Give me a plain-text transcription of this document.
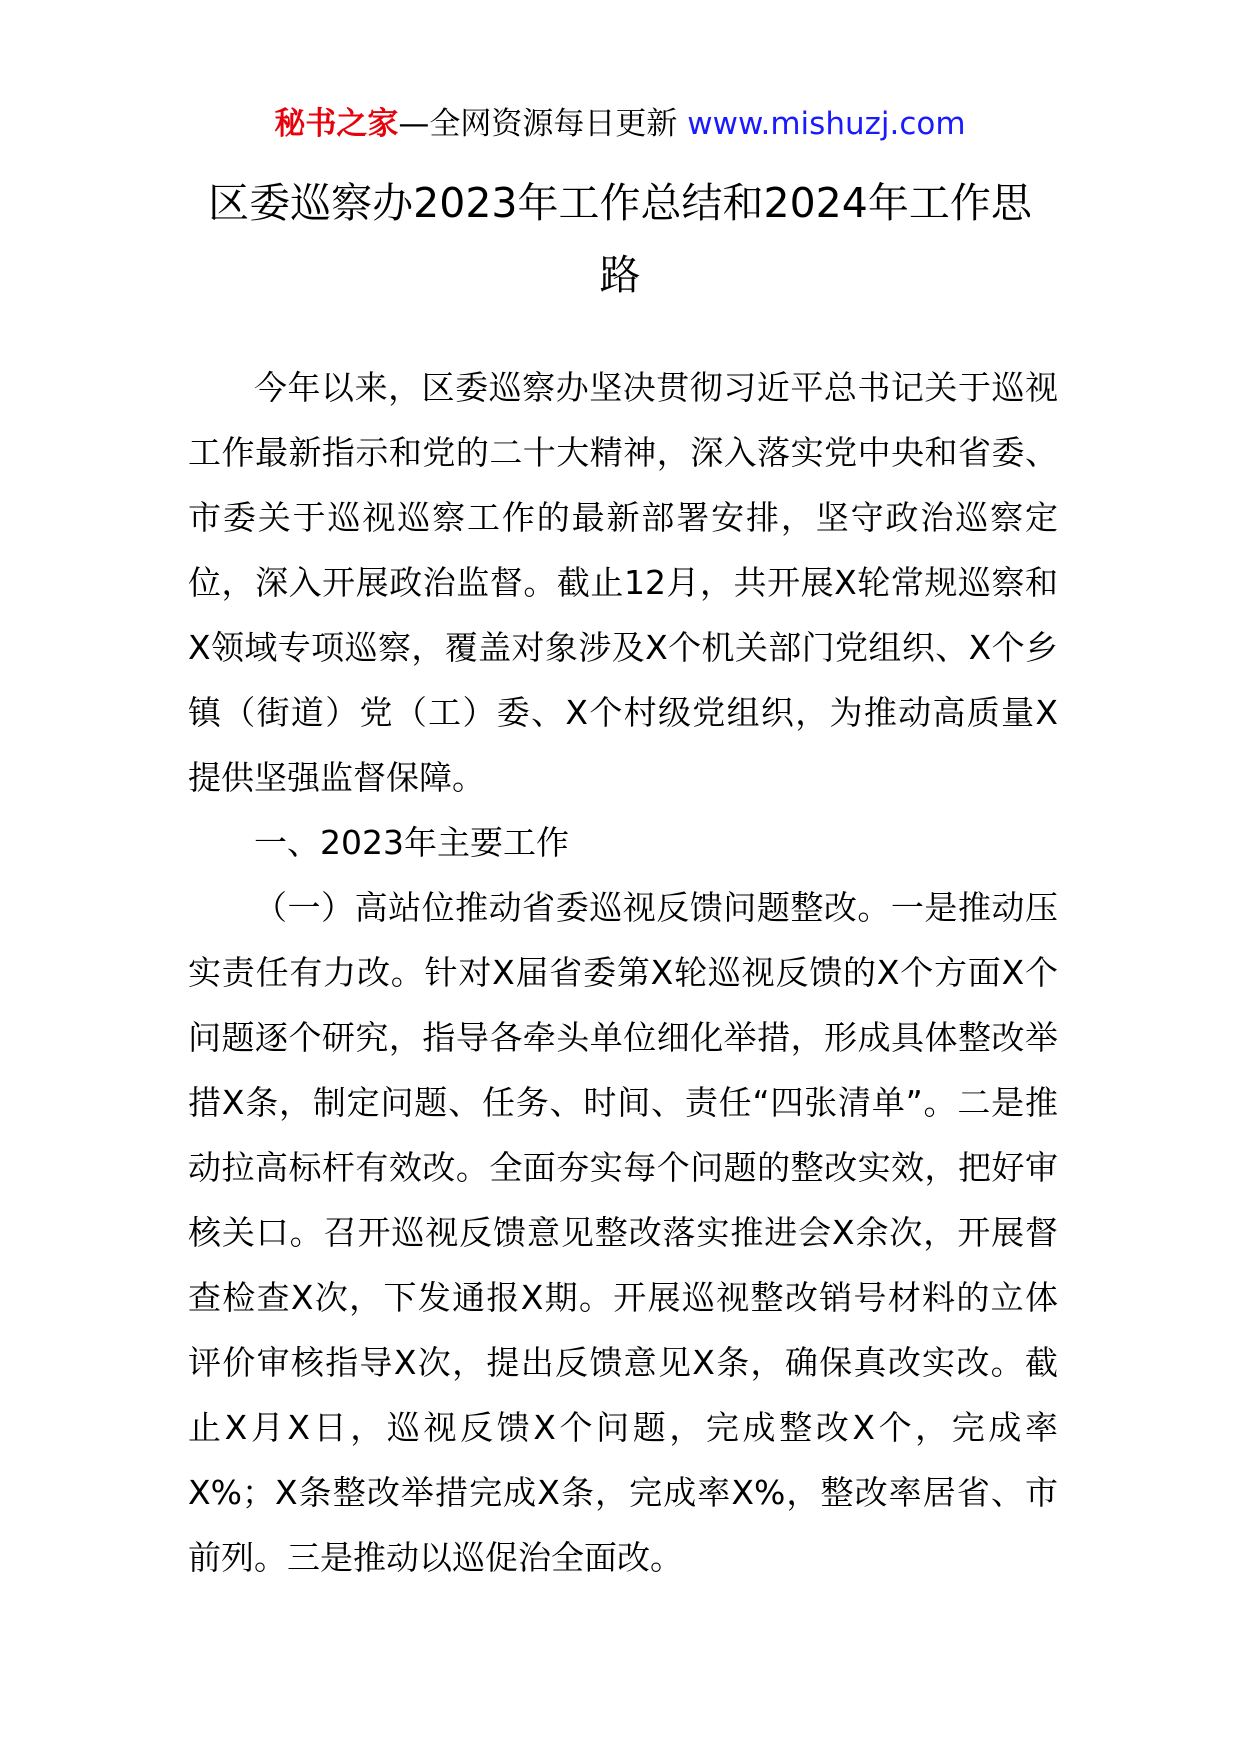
秘书之家—全网资源每日更新 www.mishuzj.com
区委巡察办2023年工作总结和2024年工作思路

今年以来，区委巡察办坚决贯彻习近平总书记关于巡视工作最新指示和党的二十大精神，深入落实党中央和省委、市委关于巡视巡察工作的最新部署安排，坚守政治巡察定位，深入开展政治监督。截止12月，共开展X轮常规巡察和X领域专项巡察，覆盖对象涉及X个机关部门党组织、X个乡镇（街道）党（工）委、X个村级党组织，为推动高质量X提供坚强监督保障。

一、2023年主要工作

（一）高站位推动省委巡视反馈问题整改。一是推动压实责任有力改。针对X届省委第X轮巡视反馈的X个方面X个问题逐个研究，指导各牵头单位细化举措，形成具体整改举措X条，制定问题、任务、时间、责任“四张清单”。二是推动拉高标杆有效改。全面夯实每个问题的整改实效，把好审核关口。召开巡视反馈意见整改落实推进会X余次，开展督查检查X次，下发通报X期。开展巡视整改销号材料的立体评价审核指导X次，提出反馈意见X条，确保真改实改。截止X月X日，巡视反馈X个问题，完成整改X个，完成率X%；X条整改举措完成X条，完成率X%，整改率居省、市前列。三是推动以巡促治全面改。
